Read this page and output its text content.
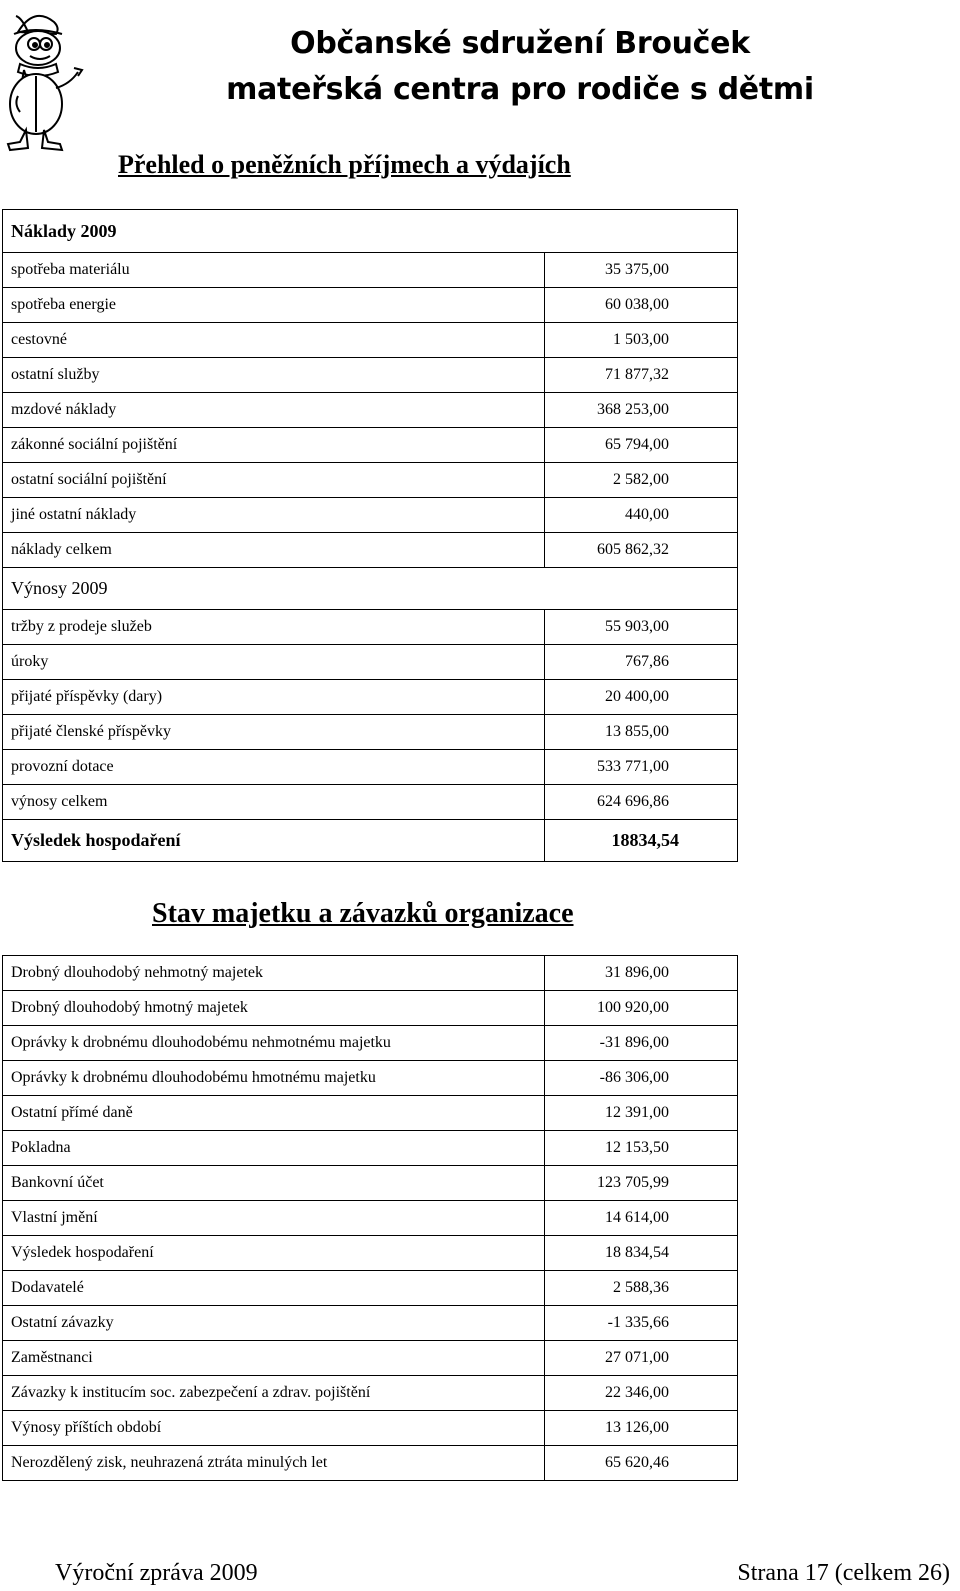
Občanské sdružení Brouček
mateřská centra pro rodiče s dětmi
Přehled o peněžních příjmech a výdajích
Náklady 2009	
spotřeba materiálu	35 375,00
spotřeba energie	60 038,00
cestovné	1 503,00
ostatní služby	71 877,32
mzdové náklady	368 253,00
zákonné sociální pojištění	65 794,00
ostatní sociální pojištění	2 582,00
jiné ostatní náklady	440,00
náklady celkem	605 862,32
Výnosy 2009	
tržby z prodeje služeb	55 903,00
úroky	767,86
přijaté příspěvky (dary)	20 400,00
přijaté členské příspěvky	13 855,00
provozní dotace	533 771,00
výnosy celkem	624 696,86
Výsledek hospodaření	18834,54
Stav majetku a závazků organizace
Drobný dlouhodobý nehmotný majetek	31 896,00
Drobný dlouhodobý hmotný majetek	100 920,00
Oprávky k drobnému dlouhodobému nehmotnému majetku	-31 896,00
Oprávky k drobnému dlouhodobému hmotnému majetku	-86 306,00
Ostatní přímé daně	12 391,00
Pokladna	12 153,50
Bankovní účet	123 705,99
Vlastní jmění	14 614,00
Výsledek hospodaření	18 834,54
Dodavatelé	2 588,36
Ostatní závazky	-1 335,66
Zaměstnanci	27 071,00
Závazky k institucím soc. zabezpečení a zdrav. pojištění	22 346,00
Výnosy příštích období	13 126,00
Nerozdělený zisk, neuhrazená ztráta minulých let	65 620,46
Výroční zpráva 2009	Strana 17 (celkem 26)
